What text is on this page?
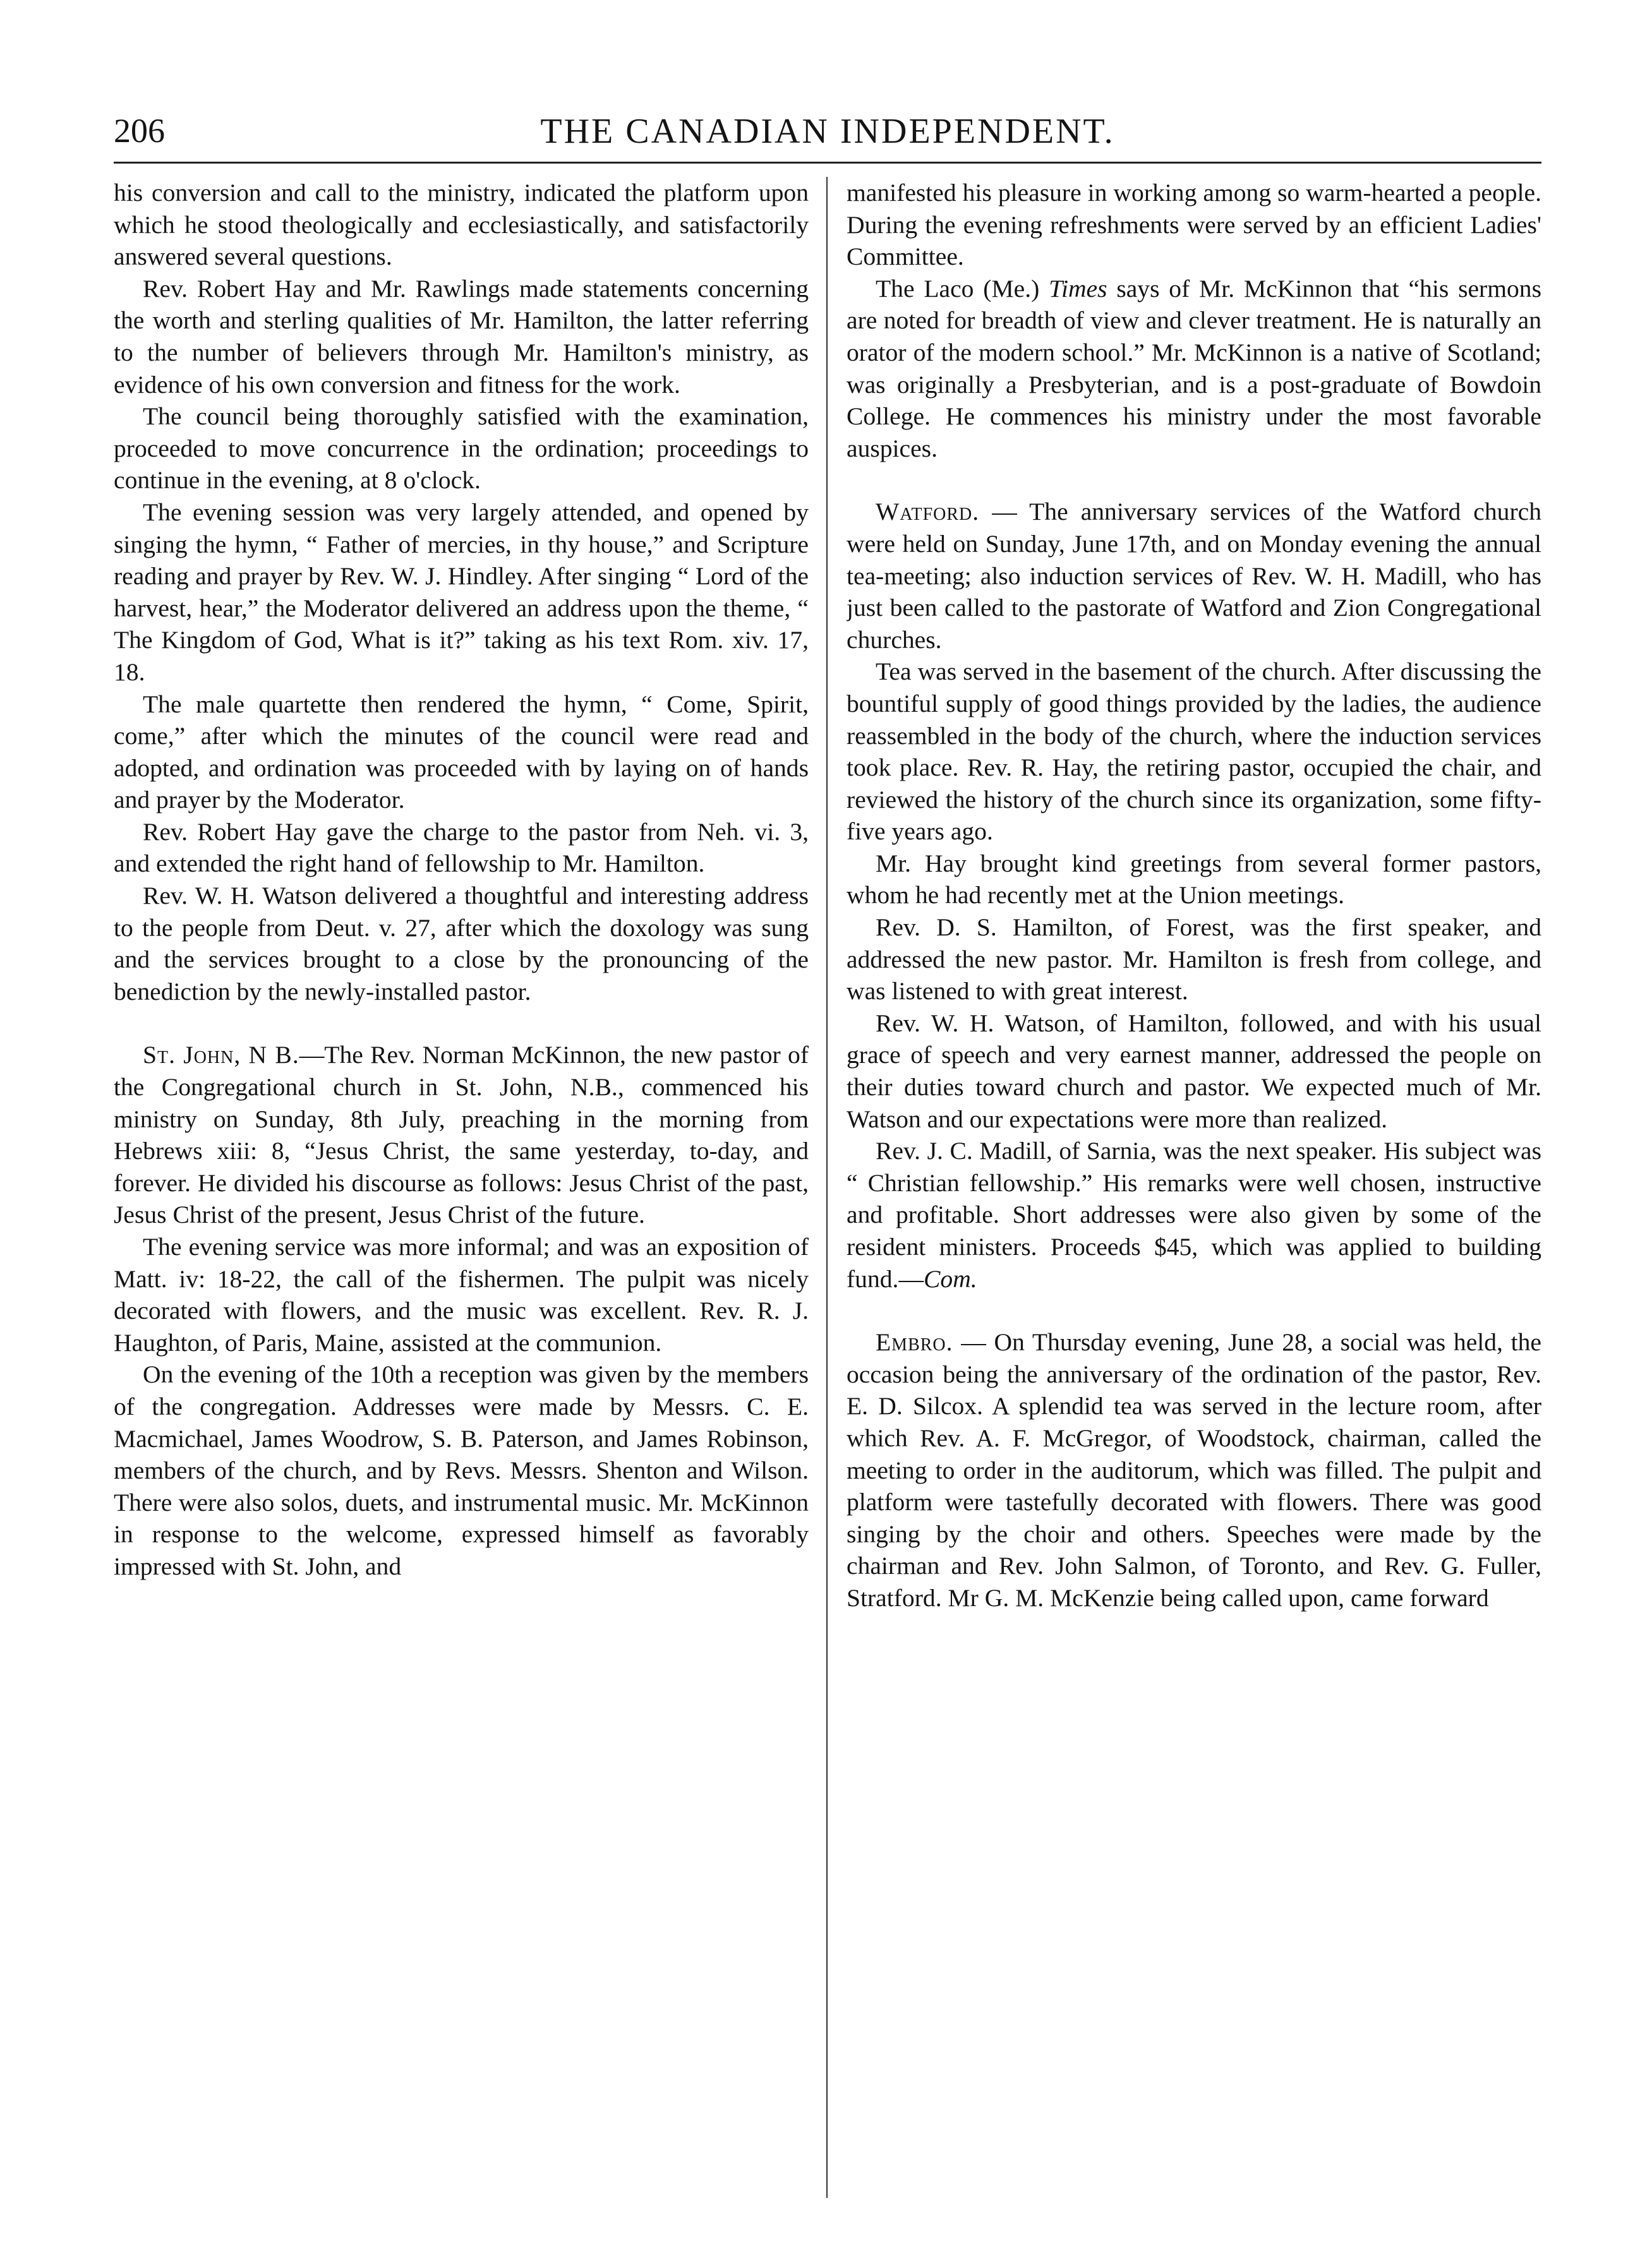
206	THE CANADIAN INDEPENDENT.

his conversion and call to the ministry, indicated the platform upon which he stood theologically and ecclesiastically, and satisfactorily answered several questions.

Rev. Robert Hay and Mr. Rawlings made statements concerning the worth and sterling qualities of Mr. Hamilton, the latter referring to the number of believers through Mr. Hamilton's ministry, as evidence of his own conversion and fitness for the work.

The council being thoroughly satisfied with the examination, proceeded to move concurrence in the ordination; proceedings to continue in the evening, at 8 o'clock.

The evening session was very largely attended, and opened by singing the hymn, “ Father of mercies, in thy house,” and Scripture reading and prayer by Rev. W. J. Hindley. After singing “ Lord of the harvest, hear,” the Moderator delivered an address upon the theme, “ The Kingdom of God, What is it?” taking as his text Rom. xiv. 17, 18.

The male quartette then rendered the hymn, “ Come, Spirit, come,” after which the minutes of the council were read and adopted, and ordination was proceeded with by laying on of hands and prayer by the Moderator.

Rev. Robert Hay gave the charge to the pastor from Neh. vi. 3, and extended the right hand of fellowship to Mr. Hamilton.

Rev. W. H. Watson delivered a thoughtful and interesting address to the people from Deut. v. 27, after which the doxology was sung and the services brought to a close by the pronouncing of the benediction by the newly-installed pastor.

St. John, N B.—The Rev. Norman McKinnon, the new pastor of the Congregational church in St. John, N.B., commenced his ministry on Sunday, 8th July, preaching in the morning from Hebrews xiii: 8, “Jesus Christ, the same yesterday, to-day, and forever. He divided his discourse as follows: Jesus Christ of the past, Jesus Christ of the present, Jesus Christ of the future.

The evening service was more informal; and was an exposition of Matt. iv: 18-22, the call of the fishermen. The pulpit was nicely decorated with flowers, and the music was excellent. Rev. R. J. Haughton, of Paris, Maine, assisted at the communion.

On the evening of the 10th a reception was given by the members of the congregation. Addresses were made by Messrs. C. E. Macmichael, James Woodrow, S. B. Paterson, and James Robinson, members of the church, and by Revs. Messrs. Shenton and Wilson. There were also solos, duets, and instrumental music. Mr. McKinnon in response to the welcome, expressed himself as favorably impressed with St. John, and

manifested his pleasure in working among so warm-hearted a people. During the evening refreshments were served by an efficient Ladies' Committee.

The Laco (Me.) Times says of Mr. McKinnon that “his sermons are noted for breadth of view and clever treatment. He is naturally an orator of the modern school.” Mr. McKinnon is a native of Scotland; was originally a Presbyterian, and is a post-graduate of Bowdoin College. He commences his ministry under the most favorable auspices.

Watford. — The anniversary services of the Watford church were held on Sunday, June 17th, and on Monday evening the annual tea-meeting; also induction services of Rev. W. H. Madill, who has just been called to the pastorate of Watford and Zion Congregational churches.

Tea was served in the basement of the church. After discussing the bountiful supply of good things provided by the ladies, the audience reassembled in the body of the church, where the induction services took place. Rev. R. Hay, the retiring pastor, occupied the chair, and reviewed the history of the church since its organization, some fifty-five years ago.

Mr. Hay brought kind greetings from several former pastors, whom he had recently met at the Union meetings.

Rev. D. S. Hamilton, of Forest, was the first speaker, and addressed the new pastor. Mr. Hamilton is fresh from college, and was listened to with great interest.

Rev. W. H. Watson, of Hamilton, followed, and with his usual grace of speech and very earnest manner, addressed the people on their duties toward church and pastor. We expected much of Mr. Watson and our expectations were more than realized.

Rev. J. C. Madill, of Sarnia, was the next speaker. His subject was “ Christian fellowship.” His remarks were well chosen, instructive and profitable. Short addresses were also given by some of the resident ministers. Proceeds $45, which was applied to building fund.—Com.

Embro. — On Thursday evening, June 28, a social was held, the occasion being the anniversary of the ordination of the pastor, Rev. E. D. Silcox. A splendid tea was served in the lecture room, after which Rev. A. F. McGregor, of Woodstock, chairman, called the meeting to order in the auditorum, which was filled. The pulpit and platform were tastefully decorated with flowers. There was good singing by the choir and others. Speeches were made by the chairman and Rev. John Salmon, of Toronto, and Rev. G. Fuller, Stratford. Mr G. M. McKenzie being called upon, came forward
